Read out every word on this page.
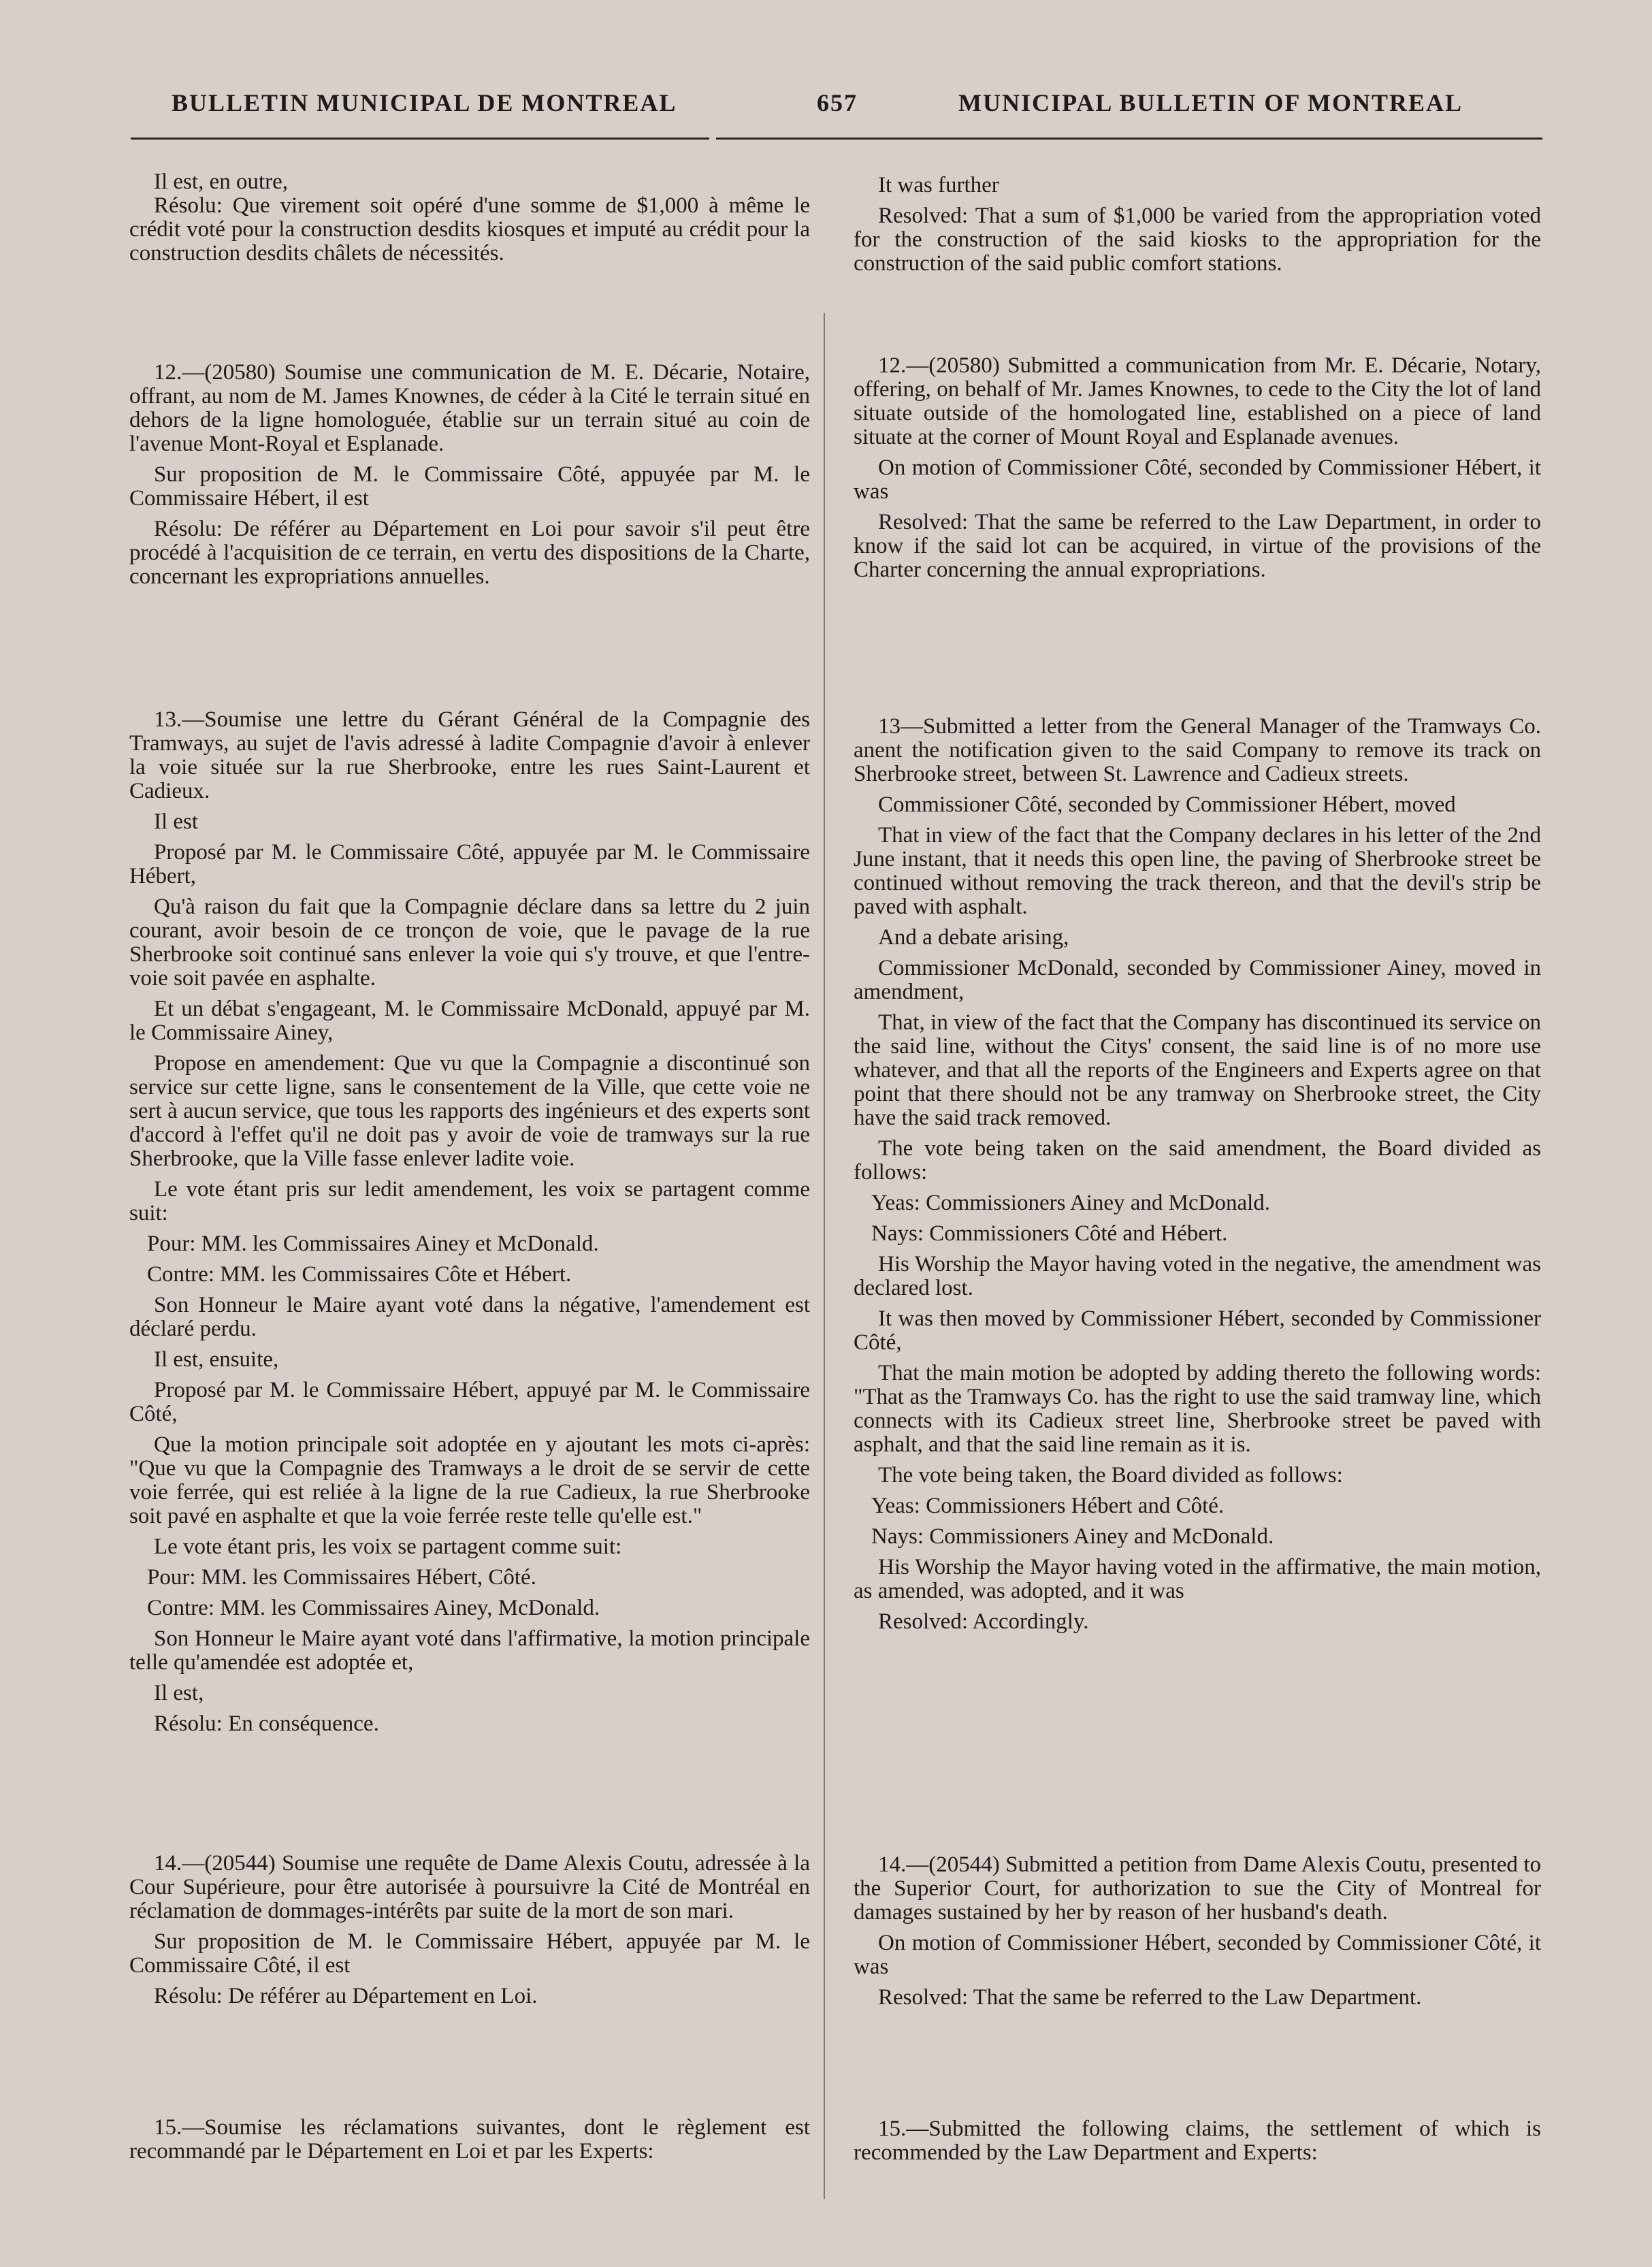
BULLETIN MUNICIPAL DE MONTREAL	657	MUNICIPAL BULLETIN OF MONTREAL

Il est, en outre,

Résolu: Que virement soit opéré d'une somme de $1,000 à même le crédit voté pour la construction desdits kiosques et imputé au crédit pour la construction desdits châlets de nécessités.

12.—(20580) Soumise une communication de M. E. Décarie, Notaire, offrant, au nom de M. James Knownes, de céder à la Cité le terrain situé en dehors de la ligne homologuée, établie sur un terrain situé au coin de l'avenue Mont-Royal et Esplanade.

Sur proposition de M. le Commissaire Côté, appuyée par M. le Commissaire Hébert, il est

Résolu: De référer au Département en Loi pour savoir s'il peut être procédé à l'acquisition de ce terrain, en vertu des dispositions de la Charte, concernant les expropriations annuelles.

13.—Soumise une lettre du Gérant Général de la Compagnie des Tramways, au sujet de l'avis adressé à ladite Compagnie d'avoir à enlever la voie située sur la rue Sherbrooke, entre les rues Saint-Laurent et Cadieux.

Il est

Proposé par M. le Commissaire Côté, appuyée par M. le Commissaire Hébert,

Qu'à raison du fait que la Compagnie déclare dans sa lettre du 2 juin courant, avoir besoin de ce tronçon de voie, que le pavage de la rue Sherbrooke soit continué sans enlever la voie qui s'y trouve, et que l'entre-voie soit pavée en asphalte.

Et un débat s'engageant, M. le Commissaire McDonald, appuyé par M. le Commissaire Ainey,

Propose en amendement: Que vu que la Compagnie a discontinué son service sur cette ligne, sans le consentement de la Ville, que cette voie ne sert à aucun service, que tous les rapports des ingénieurs et des experts sont d'accord à l'effet qu'il ne doit pas y avoir de voie de tramways sur la rue Sherbrooke, que la Ville fasse enlever ladite voie.

Le vote étant pris sur ledit amendement, les voix se partagent comme suit:

Pour: MM. les Commissaires Ainey et McDonald.

Contre: MM. les Commissaires Côte et Hébert.

Son Honneur le Maire ayant voté dans la négative, l'amendement est déclaré perdu.

Il est, ensuite,

Proposé par M. le Commissaire Hébert, appuyé par M. le Commissaire Côté,

Que la motion principale soit adoptée en y ajoutant les mots ci-après: "Que vu que la Compagnie des Tramways a le droit de se servir de cette voie ferrée, qui est reliée à la ligne de la rue Cadieux, la rue Sherbrooke soit pavé en asphalte et que la voie ferrée reste telle qu'elle est."

Le vote étant pris, les voix se partagent comme suit:

Pour: MM. les Commissaires Hébert, Côté.

Contre: MM. les Commissaires Ainey, McDonald.

Son Honneur le Maire ayant voté dans l'affirmative, la motion principale telle qu'amendée est adoptée et,

Il est,

Résolu: En conséquence.

14.—(20544) Soumise une requête de Dame Alexis Coutu, adressée à la Cour Supérieure, pour être autorisée à poursuivre la Cité de Montréal en réclamation de dommages-intérêts par suite de la mort de son mari.

Sur proposition de M. le Commissaire Hébert, appuyée par M. le Commissaire Côté, il est

Résolu: De référer au Département en Loi.

15.—Soumise les réclamations suivantes, dont le règlement est recommandé par le Département en Loi et par les Experts:

It was further

Resolved: That a sum of $1,000 be varied from the appropriation voted for the construction of the said kiosks to the appropriation for the construction of the said public comfort stations.

12.—(20580) Submitted a communication from Mr. E. Décarie, Notary, offering, on behalf of Mr. James Knownes, to cede to the City the lot of land situate outside of the homologated line, established on a piece of land situate at the corner of Mount Royal and Esplanade avenues.

On motion of Commissioner Côté, seconded by Commissioner Hébert, it was

Resolved: That the same be referred to the Law Department, in order to know if the said lot can be acquired, in virtue of the provisions of the Charter concerning the annual expropriations.

13—Submitted a letter from the General Manager of the Tramways Co. anent the notification given to the said Company to remove its track on Sherbrooke street, between St. Lawrence and Cadieux streets.

Commissioner Côté, seconded by Commissioner Hébert, moved

That in view of the fact that the Company declares in his letter of the 2nd June instant, that it needs this open line, the paving of Sherbrooke street be continued without removing the track thereon, and that the devil's strip be paved with asphalt.

And a debate arising,

Commissioner McDonald, seconded by Commissioner Ainey, moved in amendment,

That, in view of the fact that the Company has discontinued its service on the said line, without the Citys' consent, the said line is of no more use whatever, and that all the reports of the Engineers and Experts agree on that point that there should not be any tramway on Sherbrooke street, the City have the said track removed.

The vote being taken on the said amendment, the Board divided as follows:

Yeas: Commissioners Ainey and McDonald.

Nays: Commissioners Côté and Hébert.

His Worship the Mayor having voted in the negative, the amendment was declared lost.

It was then moved by Commissioner Hébert, seconded by Commissioner Côté,

That the main motion be adopted by adding thereto the following words: "That as the Tramways Co. has the right to use the said tramway line, which connects with its Cadieux street line, Sherbrooke street be paved with asphalt, and that the said line remain as it is.

The vote being taken, the Board divided as follows:

Yeas: Commissioners Hébert and Côté.

Nays: Commissioners Ainey and McDonald.

His Worship the Mayor having voted in the affirmative, the main motion, as amended, was adopted, and it was

Resolved: Accordingly.

14.—(20544) Submitted a petition from Dame Alexis Coutu, presented to the Superior Court, for authorization to sue the City of Montreal for damages sustained by her by reason of her husband's death.

On motion of Commissioner Hébert, seconded by Commissioner Côté, it was

Resolved: That the same be referred to the Law Department.

15.—Submitted the following claims, the settlement of which is recommended by the Law Department and Experts:
